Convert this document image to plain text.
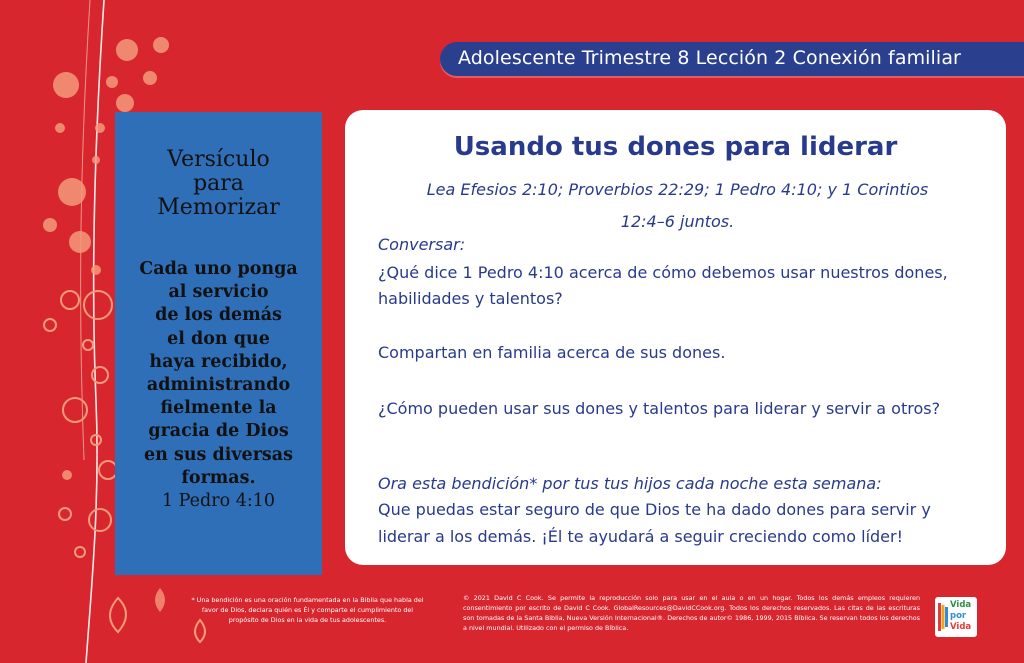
Adolescente Trimestre 8 Lección 2 Conexión familiar
Versículo
para
Memorizar
Cada uno ponga
al servicio
de los demás
el don que
haya recibido,
administrando
fielmente la
gracia de Dios
en sus diversas
formas.
1 Pedro 4:10
Usando tus dones para liderar
Lea Efesios 2:10; Proverbios 22:29; 1 Pedro 4:10; y 1 Corintios
12:4–6 juntos.
Conversar:
¿Qué dice 1 Pedro 4:10 acerca de cómo debemos usar nuestros dones,
habilidades y talentos?
Compartan en familia acerca de sus dones.
¿Cómo pueden usar sus dones y talentos para liderar y servir a otros?
Ora esta bendición* por tus tus hijos cada noche esta semana:
Que puedas estar seguro de que Dios te ha dado dones para servir y
liderar a los demás. ¡Él te ayudará a seguir creciendo como líder!
* Una bendición es una oración fundamentada en la Biblia que habla del favor de Dios, declara quién es Él y comparte el cumplimiento del propósito de Dios en la vida de tus adolescentes.
© 2021 David C Cook. Se permite la reproducción solo para usar en el aula o en un hogar. Todos los demás empleos requieren consentimiento por escrito de David C Cook. GlobalResources@DavidCCook.org. Todos los derechos reservados. Las citas de las escrituras son tomadas de la Santa Biblia, Nueva Versión Internacional®. Derechos de autor© 1986, 1999, 2015 Bíblica. Se reservan todos los derechos a nivel mundial. Utilizado con el permiso de Bíblica.
Vida
por
Vida
